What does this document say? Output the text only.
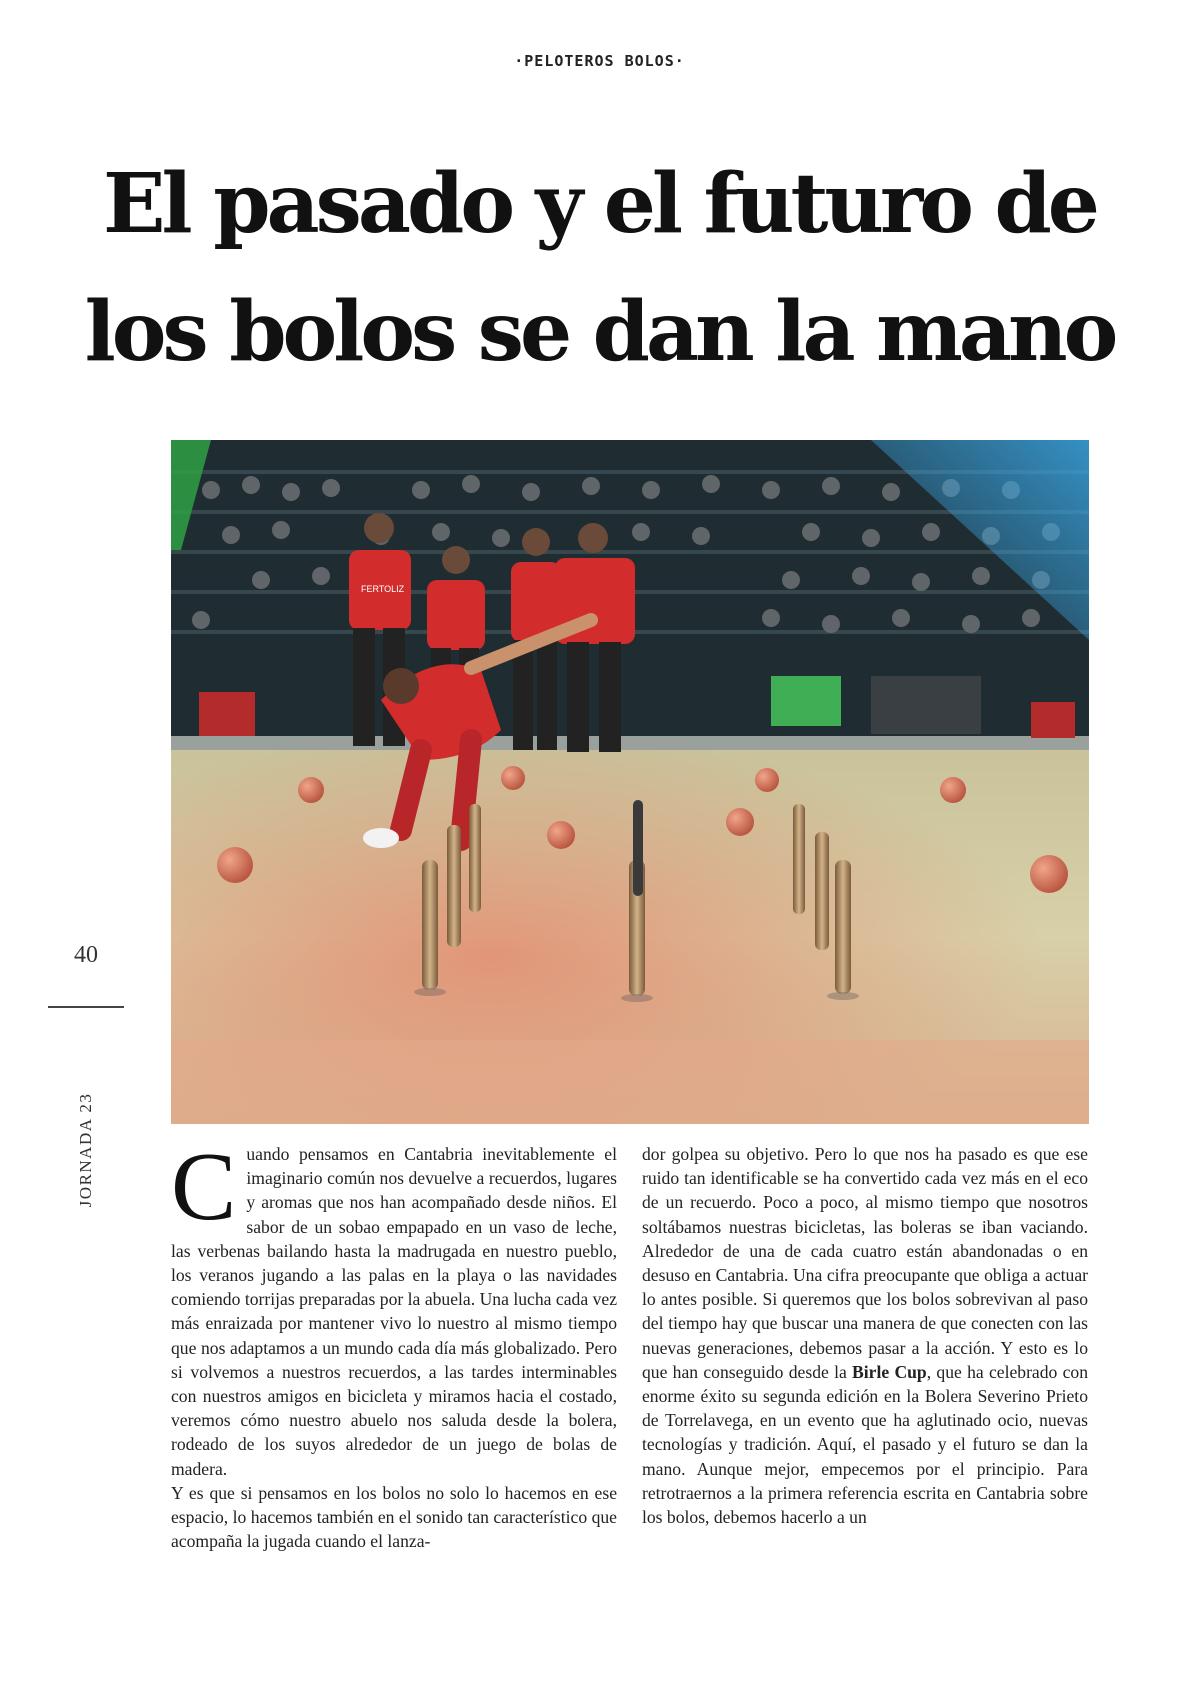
·PELOTEROS BOLOS·
El pasado y el futuro de
los bolos se dan la mano
FERTOLIZ
40
JORNADA 23 Cuando pensamos en Cantabria inevitablemente el imaginario común nos devuelve a recuerdos, lugares y aromas que nos han acompañado desde niños. El sabor de un sobao empapado en un vaso de leche, las verbenas bailando hasta la madrugada en nuestro pueblo, los veranos jugando a las palas en la playa o las navidades comiendo torrijas preparadas por la abuela. Una lucha cada vez más enraizada por mantener vivo lo nuestro al mismo tiempo que nos adaptamos a un mundo cada día más globalizado. Pero si volvemos a nuestros recuerdos, a las tardes interminables con nuestros amigos en bicicleta y miramos hacia el costado, veremos cómo nuestro abuelo nos saluda desde la bolera, rodeado de los suyos alrededor de un juego de bolas de madera.

Y es que si pensamos en los bolos no solo lo hacemos en ese espacio, lo hacemos también en el sonido tan característico que acompaña la jugada cuando el lanza-

dor golpea su objetivo. Pero lo que nos ha pasado es que ese ruido tan identificable se ha convertido cada vez más en el eco de un recuerdo. Poco a poco, al mismo tiempo que nosotros soltábamos nuestras bicicletas, las boleras se iban vaciando. Alrededor de una de cada cuatro están abandonadas o en desuso en Cantabria. Una cifra preocupante que obliga a actuar lo antes posible. Si queremos que los bolos sobrevivan al paso del tiempo hay que buscar una manera de que conecten con las nuevas generaciones, debemos pasar a la acción. Y esto es lo que han conseguido desde la Birle Cup, que ha celebrado con enorme éxito su segunda edición en la Bolera Severino Prieto de Torrelavega, en un evento que ha aglutinado ocio, nuevas tecnologías y tradición. Aquí, el pasado y el futuro se dan la mano. Aunque mejor, empecemos por el principio. Para retrotraernos a la primera referencia escrita en Cantabria sobre los bolos, debemos hacerlo a un
